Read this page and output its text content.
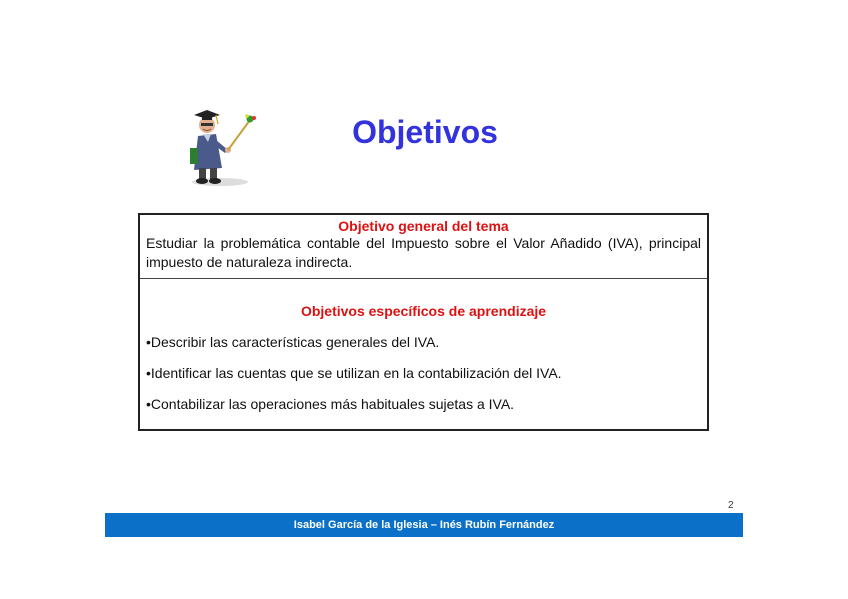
Objetivos
Objetivo general del tema
Estudiar la problemática contable del Impuesto sobre el Valor Añadido (IVA), principal impuesto de naturaleza indirecta.
Objetivos específicos de aprendizaje
•Describir las características generales del IVA.
•Identificar las cuentas que se utilizan en la contabilización del IVA.
•Contabilizar las operaciones más habituales sujetas a IVA.
2
Isabel García de la Iglesia – Inés Rubín Fernández
